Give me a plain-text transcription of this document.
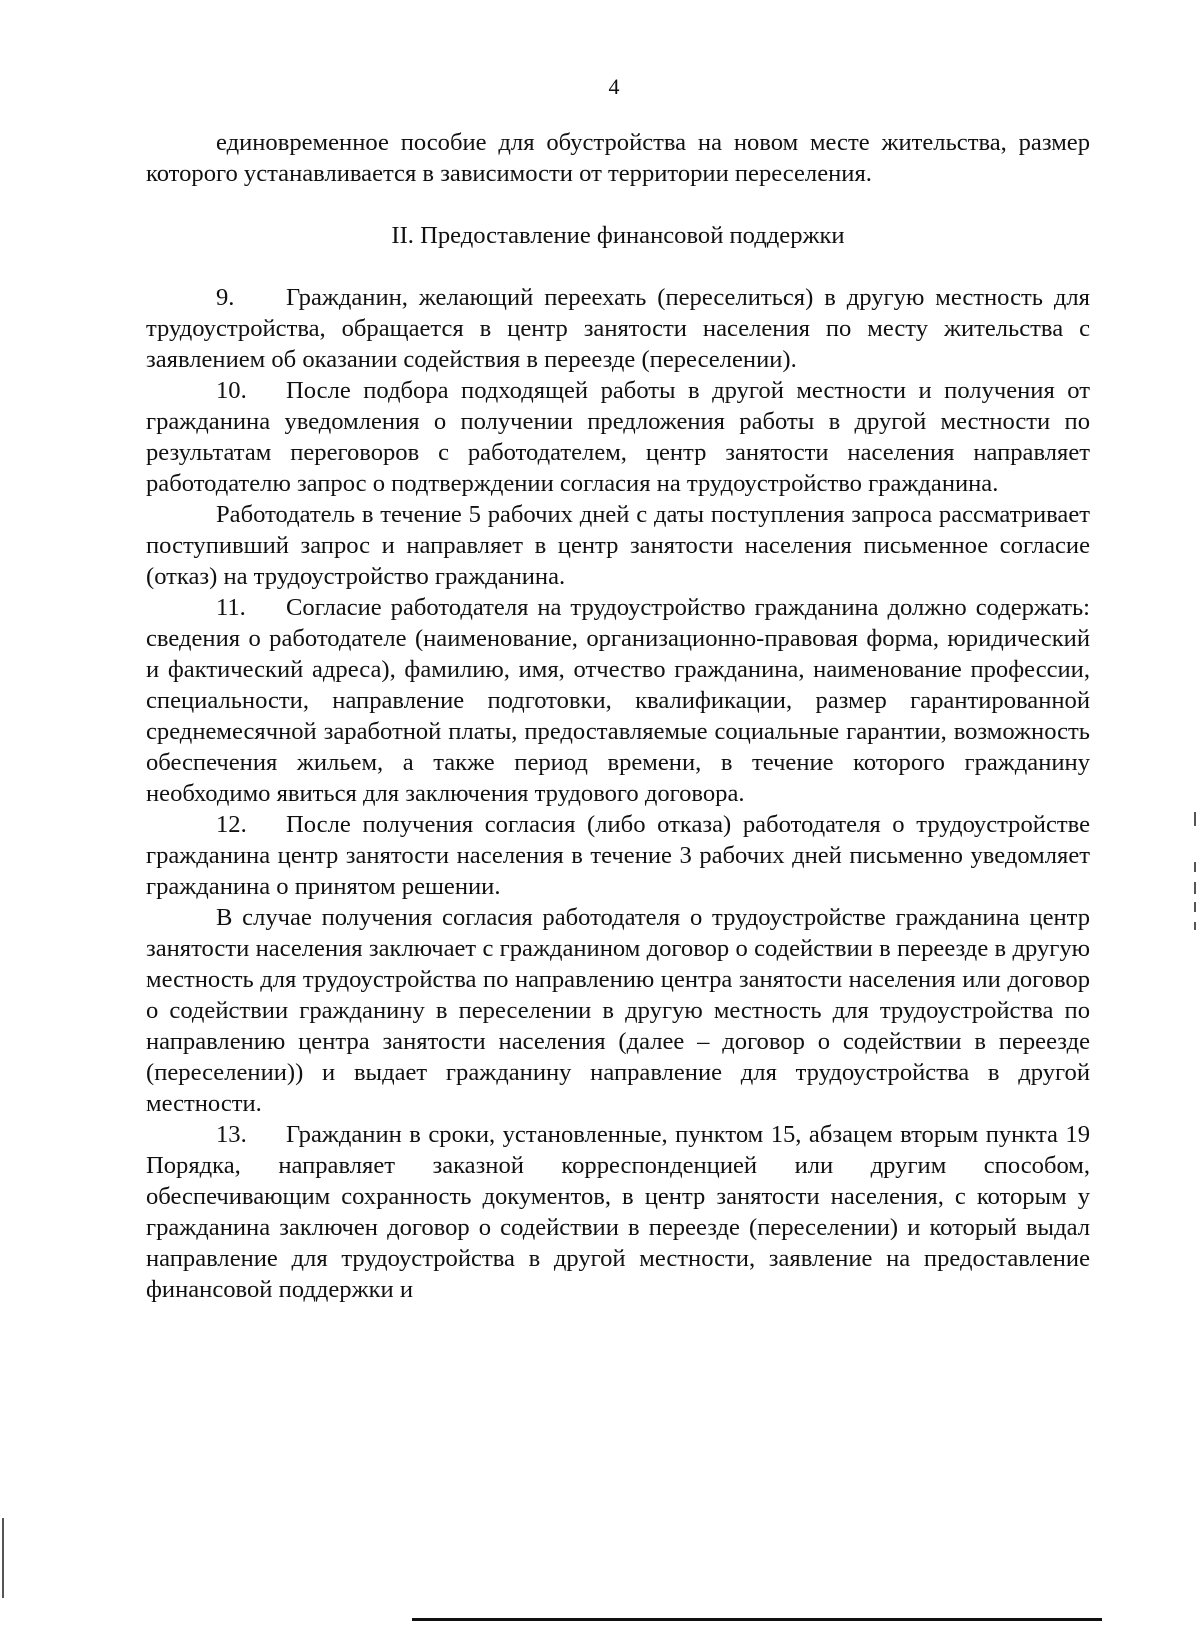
4

единовременное пособие для обустройства на новом месте жительства, размер которого устанавливается в зависимости от территории переселения.

II. Предоставление финансовой поддержки

9. Гражданин, желающий переехать (переселиться) в другую местность для трудоустройства, обращается в центр занятости населения по месту жительства с заявлением об оказании содействия в переезде (переселении).

10. После подбора подходящей работы в другой местности и получения от гражданина уведомления о получении предложения работы в другой местности по результатам переговоров с работодателем, центр занятости населения направляет работодателю запрос о подтверждении согласия на трудоустройство гражданина.

Работодатель в течение 5 рабочих дней с даты поступления запроса рассматривает поступивший запрос и направляет в центр занятости населения письменное согласие (отказ) на трудоустройство гражданина.

11. Согласие работодателя на трудоустройство гражданина должно содержать: сведения о работодателе (наименование, организационно-правовая форма, юридический и фактический адреса), фамилию, имя, отчество гражданина, наименование профессии, специальности, направление подготовки, квалификации, размер гарантированной среднемесячной заработной платы, предоставляемые социальные гарантии, возможность обеспечения жильем, а также период времени, в течение которого гражданину необходимо явиться для заключения трудового договора.

12. После получения согласия (либо отказа) работодателя о трудоустройстве гражданина центр занятости населения в течение 3 рабочих дней письменно уведомляет гражданина о принятом решении.

В случае получения согласия работодателя о трудоустройстве гражданина центр занятости населения заключает с гражданином договор о содействии в переезде в другую местность для трудоустройства по направлению центра занятости населения или договор о содействии гражданину в переселении в другую местность для трудоустройства по направлению центра занятости населения (далее – договор о содействии в переезде (переселении)) и выдает гражданину направление для трудоустройства в другой местности.

13. Гражданин в сроки, установленные, пунктом 15, абзацем вторым пункта 19 Порядка, направляет заказной корреспонденцией или другим способом, обеспечивающим сохранность документов, в центр занятости населения, с которым у гражданина заключен договор о содействии в переезде (переселении) и который выдал направление для трудоустройства в другой местности, заявление на предоставление финансовой поддержки и
